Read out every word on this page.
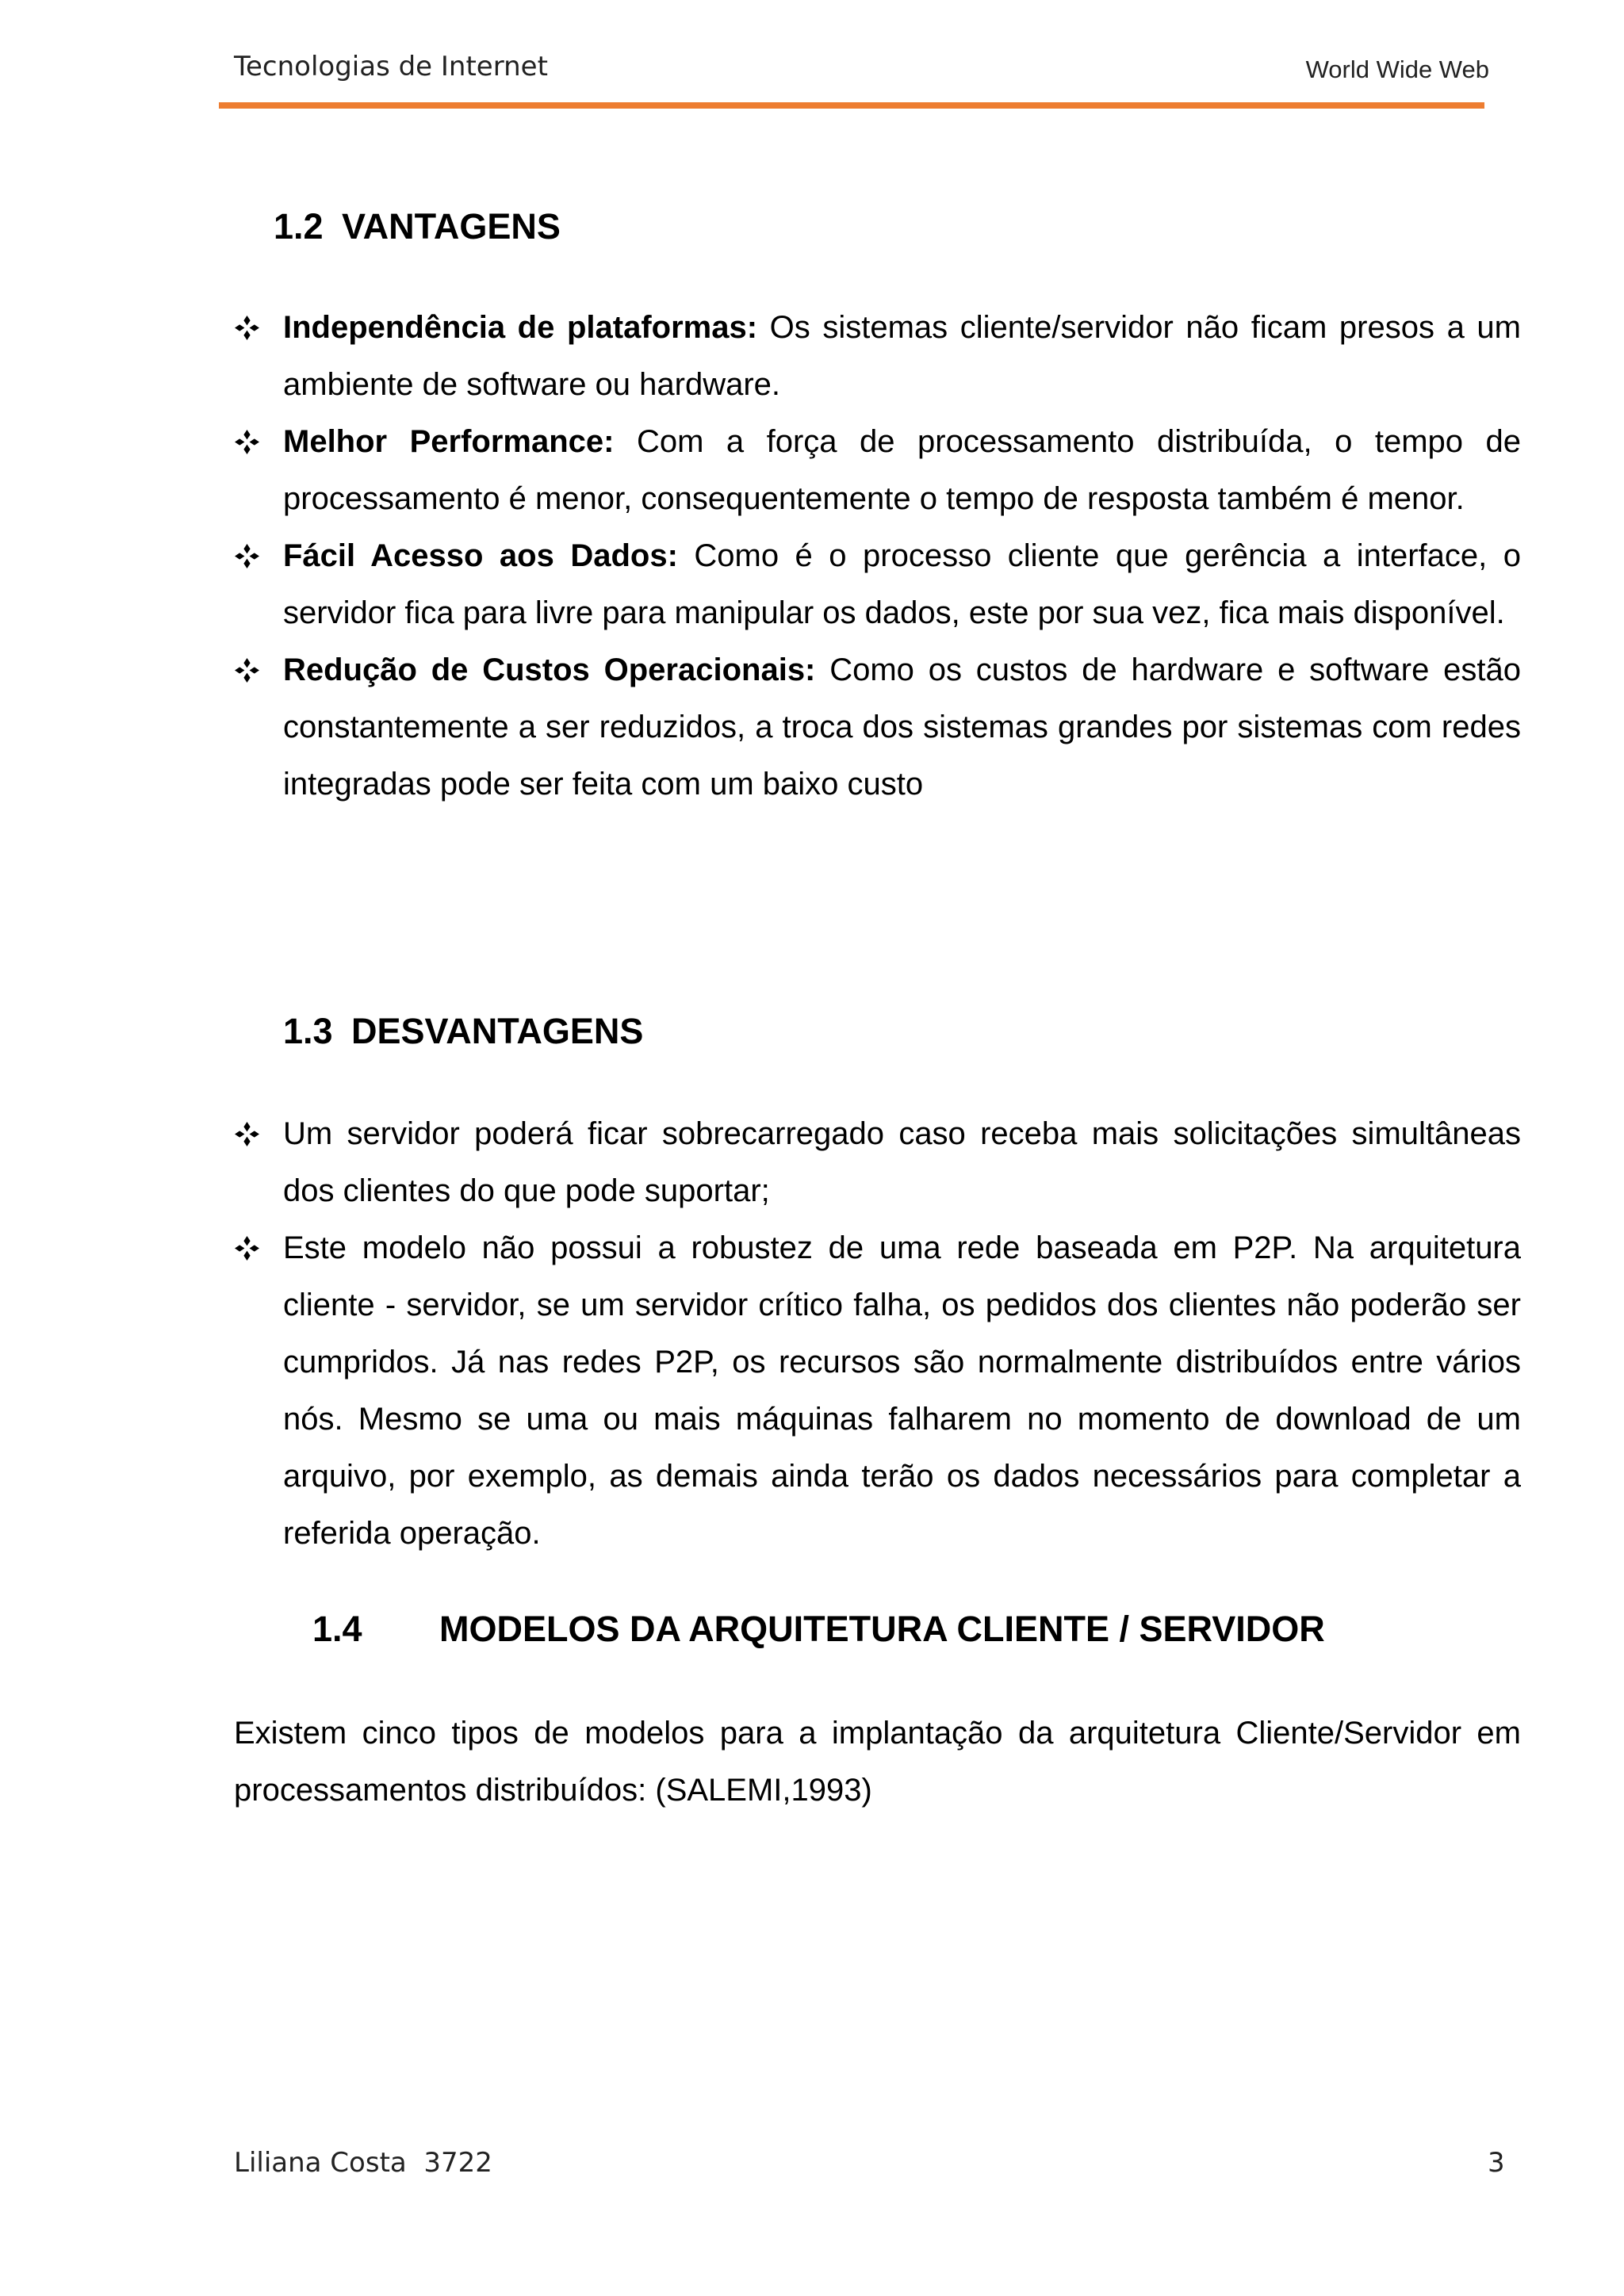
Tecnologias de Internet	World Wide Web
1.2 VANTAGENS
Independência de plataformas: Os sistemas cliente/servidor não ficam presos a um ambiente de software ou hardware.
Melhor Performance: Com a força de processamento distribuída, o tempo de processamento é menor, consequentemente o tempo de resposta também é menor.
Fácil Acesso aos Dados: Como é o processo cliente que gerência a interface, o servidor fica para livre para manipular os dados, este por sua vez, fica mais disponível.
Redução de Custos Operacionais: Como os custos de hardware e software estão constantemente a ser reduzidos, a troca dos sistemas grandes por sistemas com redes integradas pode ser feita com um baixo custo
1.3 DESVANTAGENS
Um servidor poderá ficar sobrecarregado caso receba mais solicitações simultâneas dos clientes do que pode suportar;
Este modelo não possui a robustez de uma rede baseada em P2P. Na arquitetura cliente - servidor, se um servidor crítico falha, os pedidos dos clientes não poderão ser cumpridos. Já nas redes P2P, os recursos são normalmente distribuídos entre vários nós. Mesmo se uma ou mais máquinas falharem no momento de download de um arquivo, por exemplo, as demais ainda terão os dados necessários para completar a referida operação.
1.4 MODELOS DA ARQUITETURA CLIENTE / SERVIDOR

Existem cinco tipos de modelos para a implantação da arquitetura Cliente/Servidor em processamentos distribuídos: (SALEMI,1993)

Liliana Costa  3722	3
